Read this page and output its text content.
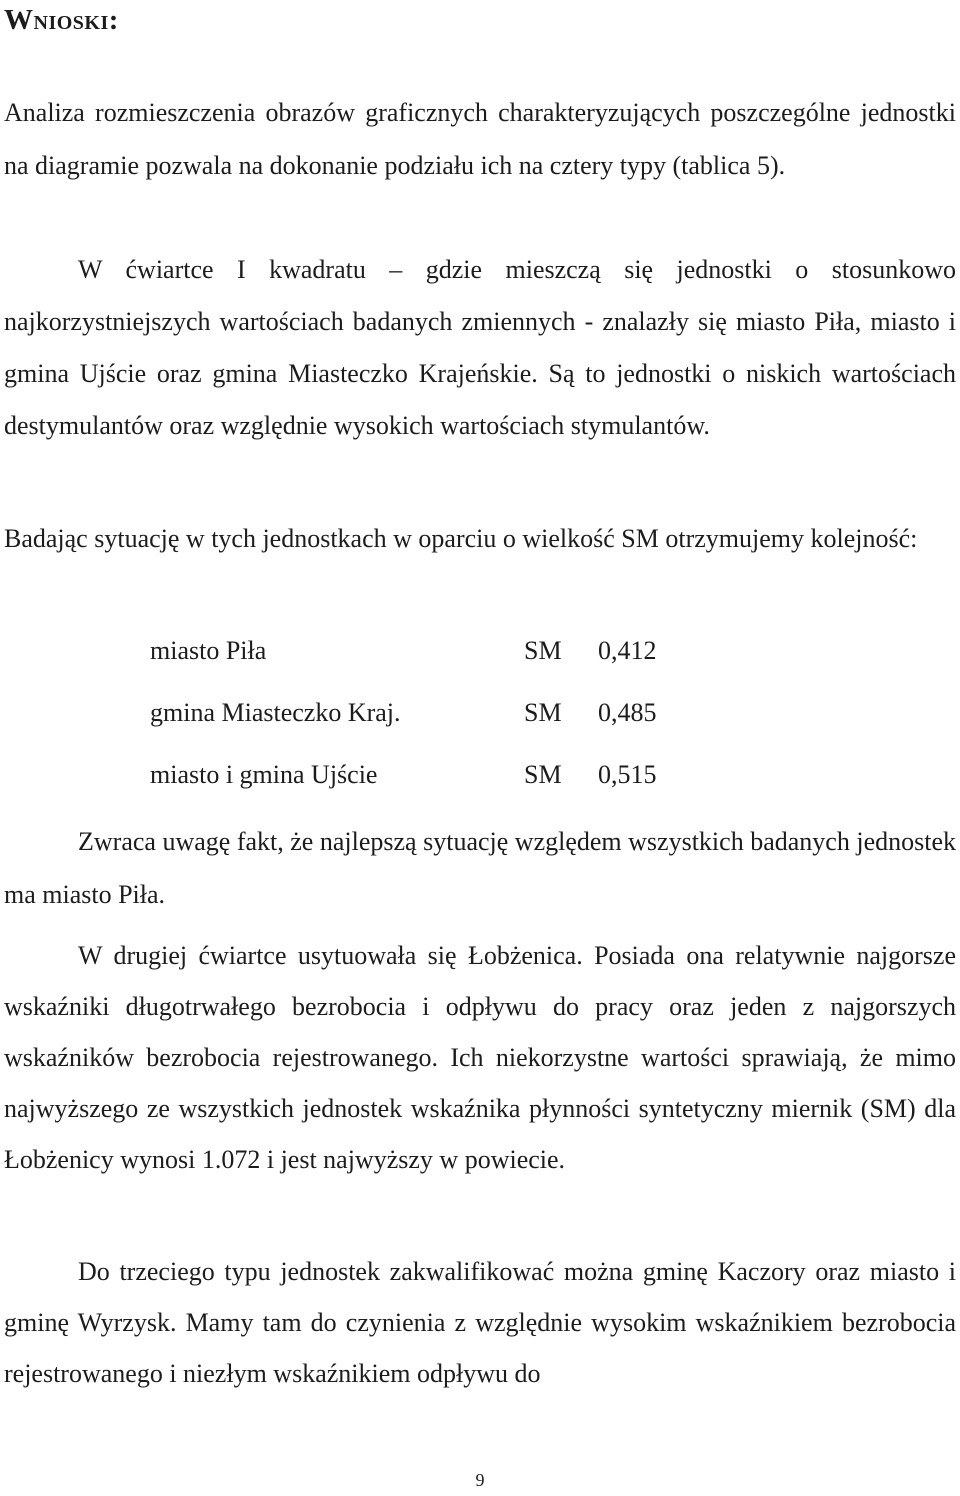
Wnioski:

Analiza rozmieszczenia obrazów graficznych charakteryzujących poszczególne jednostki na diagramie pozwala na dokonanie podziału ich na cztery typy (tablica 5).

W ćwiartce I kwadratu – gdzie mieszczą się jednostki o stosunkowo najkorzystniejszych wartościach badanych zmiennych - znalazły się miasto Piła, miasto i gmina Ujście oraz gmina Miasteczko Krajeńskie. Są to jednostki o niskich wartościach destymulantów oraz względnie wysokich wartościach stymulantów.

Badając sytuację w tych jednostkach w oparciu o wielkość SM otrzymujemy kolejność:

miasto Piła	SM 0,412
gmina Miasteczko Kraj.	SM 0,485
miasto i gmina Ujście	SM 0,515

Zwraca uwagę fakt, że najlepszą sytuację względem wszystkich badanych jednostek ma miasto Piła.

W drugiej ćwiartce usytuowała się Łobżenica. Posiada ona relatywnie najgorsze wskaźniki długotrwałego bezrobocia i odpływu do pracy oraz jeden z najgorszych wskaźników bezrobocia rejestrowanego. Ich niekorzystne wartości sprawiają, że mimo najwyższego ze wszystkich jednostek wskaźnika płynności syntetyczny miernik (SM) dla Łobżenicy wynosi 1.072 i jest najwyższy w powiecie.

Do trzeciego typu jednostek zakwalifikować można gminę Kaczory oraz miasto i gminę Wyrzysk. Mamy tam do czynienia z względnie wysokim wskaźnikiem bezrobocia rejestrowanego i niezłym wskaźnikiem odpływu do

9
